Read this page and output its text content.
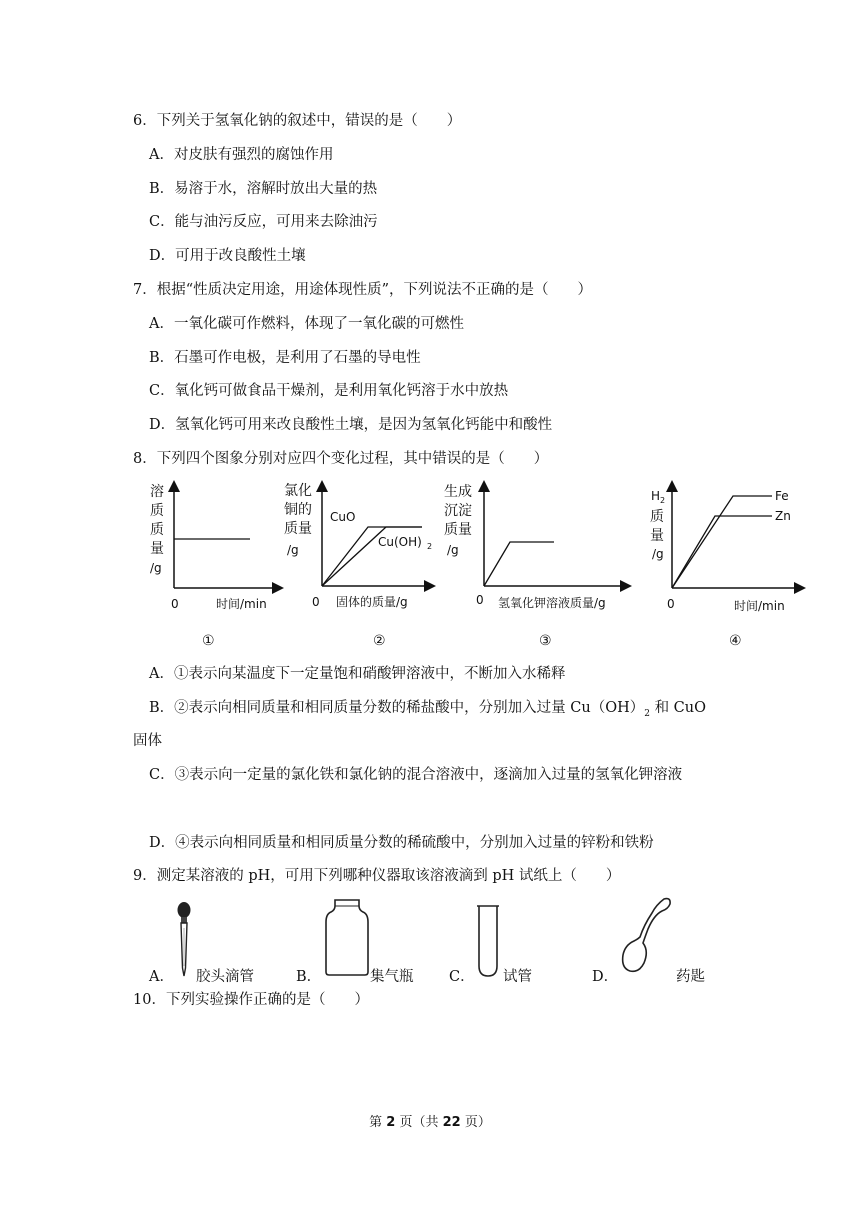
6．下列关于氢氧化钠的叙述中，错误的是（　　）
A．对皮肤有强烈的腐蚀作用
B．易溶于水，溶解时放出大量的热
C．能与油污反应，可用来去除油污
D．可用于改良酸性土壤
7．根据“性质决定用途，用途体现性质”，下列说法不正确的是（　　）
A．一氧化碳可作燃料，体现了一氧化碳的可燃性
B．石墨可作电极，是利用了石墨的导电性
C．氧化钙可做食品干燥剂，是利用氧化钙溶于水中放热
D．氢氧化钙可用来改良酸性土壤，是因为氢氧化钙能中和酸性
8．下列四个图象分别对应四个变化过程，其中错误的是（　　）
溶
质
质
量
/g
0	时间/min
①
氯化
铜的
质量
/g
CuO
Cu(OH) 2
0 固体的质量/g
②
生成
沉淀
质量
/g
0 氢氧化钾溶液质量/g
③
H 2
质
量
/g
Fe
Zn
0	时间/min
④
A．①表示向某温度下一定量饱和硝酸钾溶液中，不断加入水稀释
B．②表示向相同质量和相同质量分数的稀盐酸中，分别加入过量 $Cu(OH)_2$ 和 CuO
固体
C．③表示向一定量的氯化铁和氯化钠的混合溶液中，逐滴加入过量的氢氧化钾溶液
D．④表示向相同质量和相同质量分数的稀硫酸中，分别加入过量的锌粉和铁粉
9．测定某溶液的 pH，可用下列哪种仪器取该溶液滴到 pH 试纸上（　　）
A． 胶头滴管	B．	集气瓶 C． 试管	D．	药匙
10．下列实验操作正确的是（　　）
第 2 页（共 22 页）
